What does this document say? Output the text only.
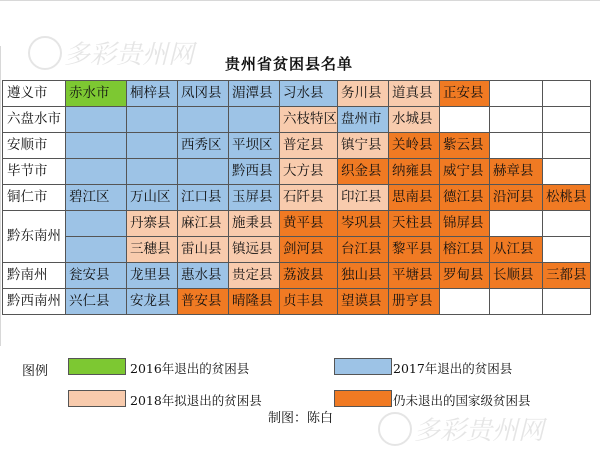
贵州省贫困县名单
遵义市	赤水市	桐梓县	凤冈县	湄潭县	习水县	务川县	道真县	正安县		
六盘水市					六枝特区	盘州市	水城县			
安顺市			西秀区	平坝区	普定县	镇宁县	关岭县	紫云县		
毕节市				黔西县	大方县	织金县	纳雍县	威宁县	赫章县	
铜仁市	碧江区	万山区	江口县	玉屏县	石阡县	印江县	思南县	德江县	沿河县	松桃县
黔东南州		丹寨县	麻江县	施秉县	黄平县	岑巩县	天柱县	锦屏县		
		三穗县	雷山县	镇远县	剑河县	台江县	黎平县	榕江县	从江县	
黔南州	瓮安县	龙里县	惠水县	贵定县	荔波县	独山县	平塘县	罗甸县	长顺县	三都县
黔西南州	兴仁县	安龙县	普安县	晴隆县	贞丰县	望谟县	册亨县			
图例	2016年退出的贫困县	2017年退出的贫困县
2018年拟退出的贫困县	仍未退出的国家级贫困县
制图：陈白
多彩贵州网
多彩贵州网
